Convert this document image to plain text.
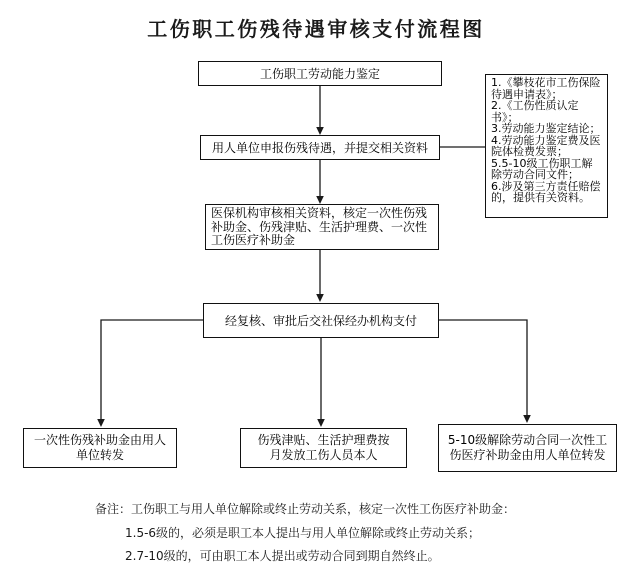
工伤职工伤残待遇审核支付流程图
工伤职工劳动能力鉴定
用人单位申报伤残待遇，并提交相关资料
医保机构审核相关资料，核定一次性伤残补助金、伤残津贴、生活护理费、一次性工伤医疗补助金
经复核、审批后交社保经办机构支付
1.《攀枝花市工伤保险待遇申请表》；
2.《工伤性质认定书》；
3.劳动能力鉴定结论；
4.劳动能力鉴定费及医院体检费发票；
5.5-10级工伤职工解除劳动合同文件；
6.涉及第三方责任赔偿的，提供有关资料。
一次性伤残补助金由用人单位转发
伤残津贴、生活护理费按月发放工伤人员本人
5-10级解除劳动合同一次性工伤医疗补助金由用人单位转发
备注：工伤职工与用人单位解除或终止劳动关系，核定一次性工伤医疗补助金：
1.5-6级的，必须是职工本人提出与用人单位解除或终止劳动关系；
2.7-10级的，可由职工本人提出或劳动合同到期自然终止。
